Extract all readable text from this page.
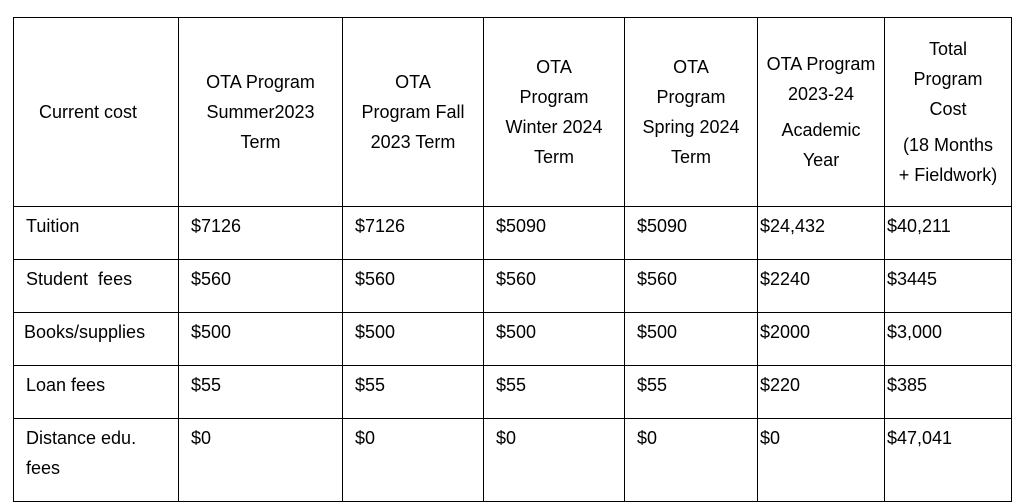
Current cost	OTA Program
Summer2023
Term	OTA
Program Fall
2023 Term	OTA
Program
Winter 2024
Term	OTA
Program
Spring 2024
Term	OTA Program
2023-24
Academic
Year	Total
Program
Cost
(18 Months
+ Fieldwork)

Tuition	$7126	$7126	$5090	$5090	$24,432	$40,211
Student  fees	$560	$560	$560	$560	$2240	$3445
Books/supplies	$500	$500	$500	$500	$2000	$3,000
Loan fees	$55	$55	$55	$55	$220	$385
Distance edu. fees	$0	$0	$0	$0	$0	$47,041
